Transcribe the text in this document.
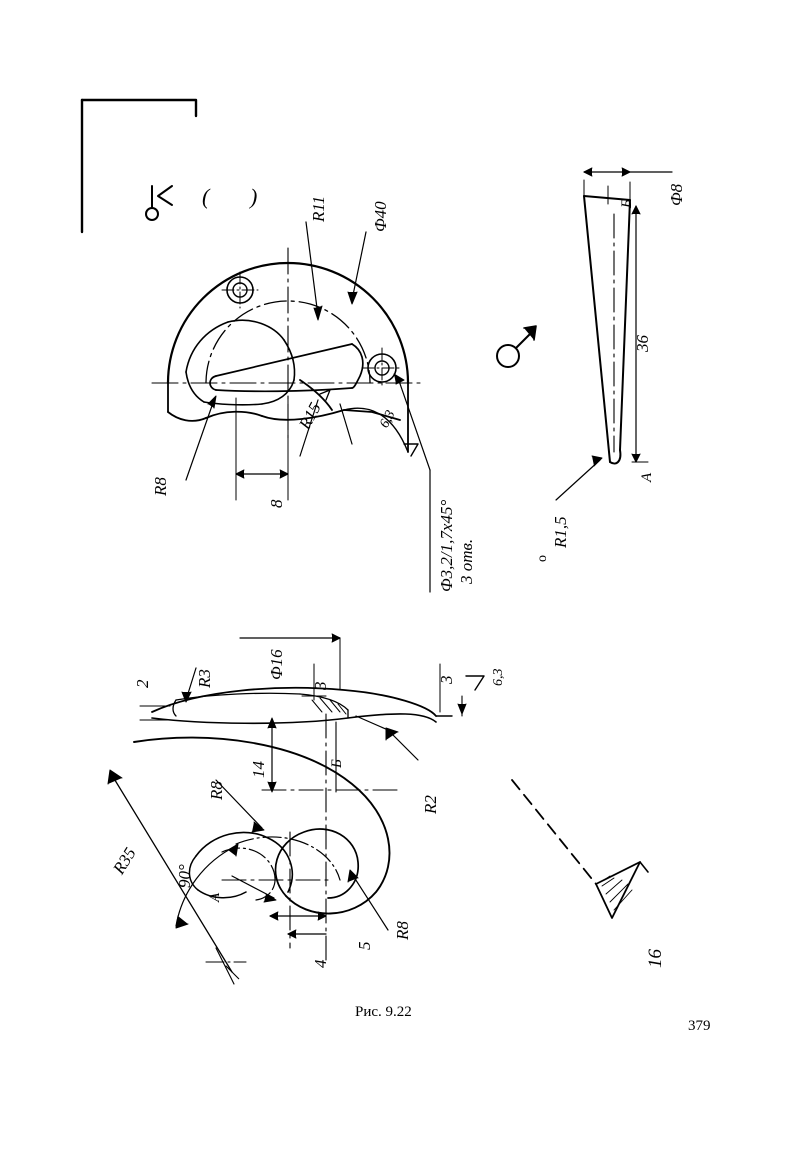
( )	R11	Ф40
R8
8
R15	6,3
Ф3,2/1,7х45° 3 отв.
Ф8
Б
36
A
R1,5
о
2	R3	Ф16
3
3	6,3
14	Б
R2
R8
R8
R35 90°
A
5
4	16
Рис. 9.22
379
